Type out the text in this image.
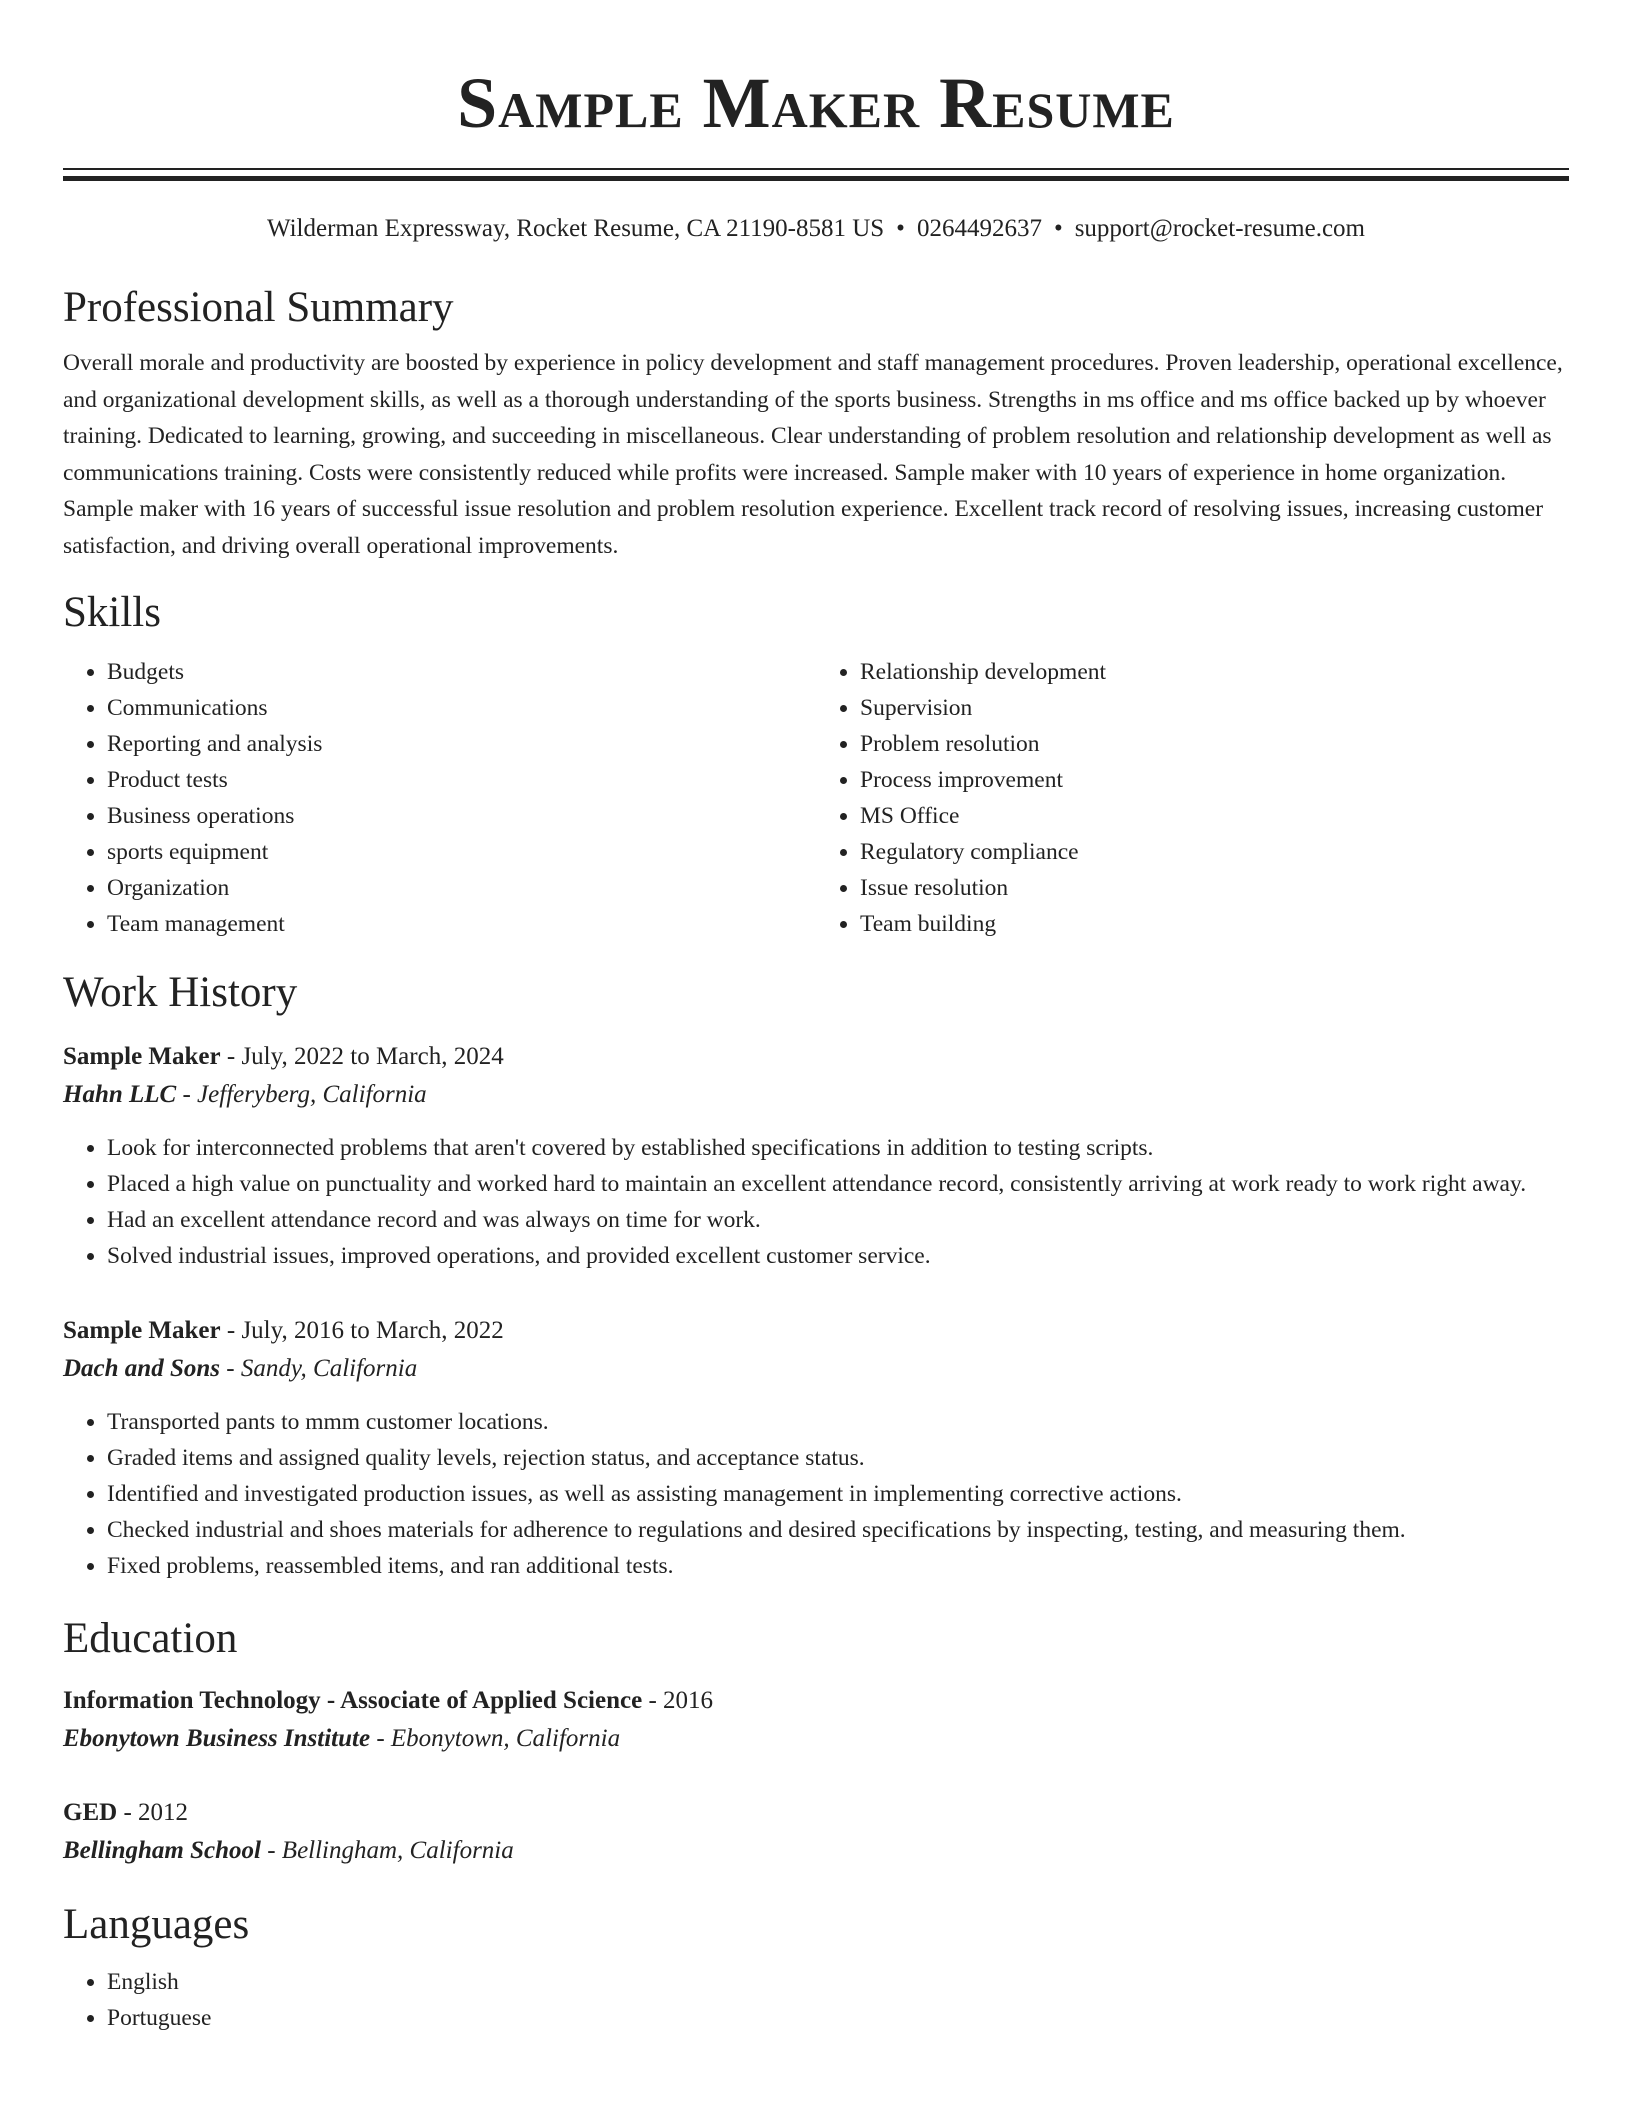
Sample Maker Resume
Wilderman Expressway, Rocket Resume, CA 21190-8581 US • 0264492637 • support@rocket-resume.com
Professional Summary

Overall morale and productivity are boosted by experience in policy development and staff management procedures. Proven leadership, operational excellence, and organizational development skills, as well as a thorough understanding of the sports business. Strengths in ms office and ms office backed up by whoever training. Dedicated to learning, growing, and succeeding in miscellaneous. Clear understanding of problem resolution and relationship development as well as communications training. Costs were consistently reduced while profits were increased. Sample maker with 10 years of experience in home organization. Sample maker with 16 years of successful issue resolution and problem resolution experience. Excellent track record of resolving issues, increasing customer satisfaction, and driving overall operational improvements.

Skills
• Budgets
• Communications
• Reporting and analysis
• Product tests
• Business operations
• sports equipment
• Organization
• Team management
• Relationship development
• Supervision
• Problem resolution
• Process improvement
• MS Office
• Regulatory compliance
• Issue resolution
• Team building
Work History
Sample Maker - July, 2022 to March, 2024
Hahn LLC - Jefferyberg, California
• Look for interconnected problems that aren't covered by established specifications in addition to testing scripts.
• Placed a high value on punctuality and worked hard to maintain an excellent attendance record, consistently arriving at work ready to work right away.
• Had an excellent attendance record and was always on time for work.
• Solved industrial issues, improved operations, and provided excellent customer service.
Sample Maker - July, 2016 to March, 2022
Dach and Sons - Sandy, California
• Transported pants to mmm customer locations.
• Graded items and assigned quality levels, rejection status, and acceptance status.
• Identified and investigated production issues, as well as assisting management in implementing corrective actions.
• Checked industrial and shoes materials for adherence to regulations and desired specifications by inspecting, testing, and measuring them.
• Fixed problems, reassembled items, and ran additional tests.
Education
Information Technology - Associate of Applied Science - 2016
Ebonytown Business Institute - Ebonytown, California
GED - 2012
Bellingham School - Bellingham, California
Languages
• English
• Portuguese
